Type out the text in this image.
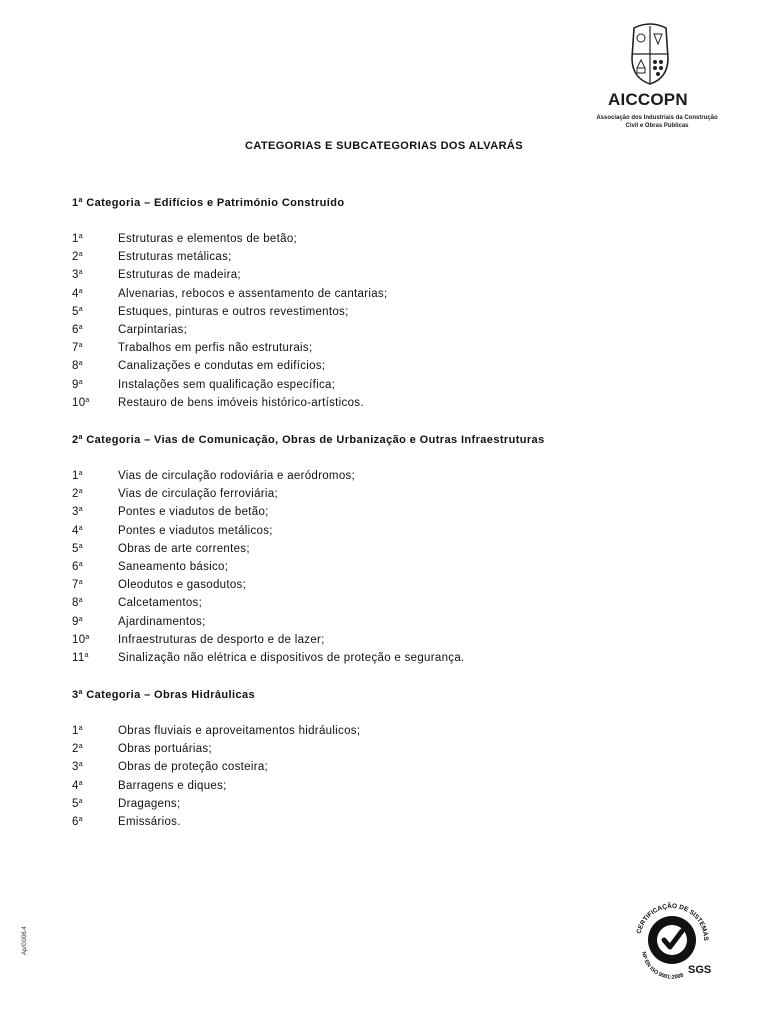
AICCOPN
Associação dos Industriais da Construção
Civil e Obras Públicas
CATEGORIAS E SUBCATEGORIAS DOS ALVARÁS
1$^a$ Categoria – Edifícios e Património Construído
1$^a$	Estruturas e elementos de betão;
2$^a$	Estruturas metálicas;
3$^a$	Estruturas de madeira;
4$^a$	Alvenarias, rebocos e assentamento de cantarias;
5$^a$	Estuques, pinturas e outros revestimentos;
6$^a$	Carpintarias;
7$^a$	Trabalhos em perfis não estruturais;
8$^a$	Canalizações e condutas em edifícios;
9$^a$	Instalações sem qualificação específica;
10$^a$ Restauro de bens imóveis histórico-artísticos.
2$^a$ Categoria – Vias de Comunicação, Obras de Urbanização e Outras Infraestruturas
1$^a$	Vias de circulação rodoviária e aeródromos;
2$^a$	Vias de circulação ferroviária;
3$^a$	Pontes e viadutos de betão;
4$^a$	Pontes e viadutos metálicos;
5$^a$	Obras de arte correntes;
6$^a$	Saneamento básico;
7$^a$	Oleodutos e gasodutos;
8$^a$	Calcetamentos;
9$^a$	Ajardinamentos;
10$^a$ Infraestruturas de desporto e de lazer;
11$^a$	Sinalização não elétrica e dispositivos de proteção e segurança.
3$^a$ Categoria – Obras Hidráulicas
1$^a$	Obras fluviais e aproveitamentos hidráulicos;
2$^a$	Obras portuárias;
3$^a$	Obras de proteção costeira;
4$^a$	Barragens e diques;
5$^a$	Dragagens;
6$^a$	Emissários.
Ap/G006.4	CERTIFICAÇÃO DE SISTEMAS
NP EN ISO 9001:2008 SGS
